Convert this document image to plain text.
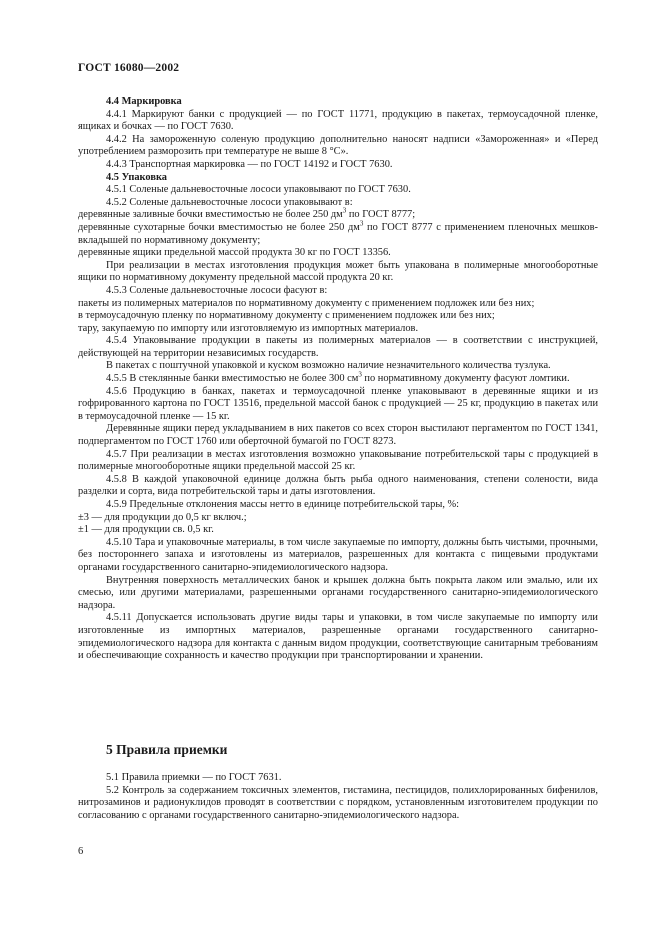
ГОСТ 16080—2002

4.4 Маркировка

4.4.1 Маркируют банки с продукцией — по ГОСТ 11771, продукцию в пакетах, термоусадочной пленке, ящиках и бочках — по ГОСТ 7630.

4.4.2 На замороженную соленую продукцию дополнительно наносят надписи «Замороженная» и «Перед употреблением разморозить при температуре не выше 8 °С».

4.4.3 Транспортная маркировка — по ГОСТ 14192 и ГОСТ 7630.

4.5 Упаковка

4.5.1 Соленые дальневосточные лососи упаковывают по ГОСТ 7630.

4.5.2 Соленые дальневосточные лососи упаковывают в:

деревянные заливные бочки вместимостью не более 250 $дм^3$ по ГОСТ 8777;

деревянные сухотарные бочки вместимостью не более 250 $дм^3$ по ГОСТ 8777 с применением пленочных мешков-вкладышей по нормативному документу;

деревянные ящики предельной массой продукта 30 кг по ГОСТ 13356.

При реализации в местах изготовления продукция может быть упакована в полимерные многооборотные ящики по нормативному документу предельной массой продукта 20 кг.

4.5.3 Соленые дальневосточные лососи фасуют в:

пакеты из полимерных материалов по нормативному документу с применением подложек или без них;

в термоусадочную пленку по нормативному документу с применением подложек или без них;

тару, закупаемую по импорту или изготовляемую из импортных материалов.

4.5.4 Упаковывание продукции в пакеты из полимерных материалов — в соответствии с инструкцией, действующей на территории независимых государств.

В пакетах с поштучной упаковкой и куском возможно наличие незначительного количества тузлука.

4.5.5 В стеклянные банки вместимостью не более 300 $см^3$ по нормативному документу фасуют ломтики.

4.5.6 Продукцию в банках, пакетах и термоусадочной пленке упаковывают в деревянные ящики и из гофрированного картона по ГОСТ 13516, предельной массой банок с продукцией — 25 кг, продукцию в пакетах или в термоусадочной пленке — 15 кг.

Деревянные ящики перед укладыванием в них пакетов со всех сторон выстилают пергаментом по ГОСТ 1341, подпергаментом по ГОСТ 1760 или оберточной бумагой по ГОСТ 8273.

4.5.7 При реализации в местах изготовления возможно упаковывание потребительской тары с продукцией в полимерные многооборотные ящики предельной массой 25 кг.

4.5.8 В каждой упаковочной единице должна быть рыба одного наименования, степени солености, вида разделки и сорта, вида потребительской тары и даты изготовления.

4.5.9 Предельные отклонения массы нетто в единице потребительской тары, %:

±3 — для продукции до 0,5 кг включ.;

±1 — для продукции св. 0,5 кг.

4.5.10 Тара и упаковочные материалы, в том числе закупаемые по импорту, должны быть чистыми, прочными, без постороннего запаха и изготовлены из материалов, разрешенных для контакта с пищевыми продуктами органами государственного санитарно-эпидемиологического надзора.

Внутренняя поверхность металлических банок и крышек должна быть покрыта лаком или эмалью, или их смесью, или другими материалами, разрешенными органами государственного санитарно-эпидемиологического надзора.

4.5.11 Допускается использовать другие виды тары и упаковки, в том числе закупаемые по импорту или изготовленные из импортных материалов, разрешенные органами государственного санитарно-эпидемиологического надзора для контакта с данным видом продукции, соответствующие санитарным требованиям и обеспечивающие сохранность и качество продукции при транспортировании и хранении.

5 Правила приемки

5.1 Правила приемки — по ГОСТ 7631.

5.2 Контроль за содержанием токсичных элементов, гистамина, пестицидов, полихлорированных бифенилов, нитрозаминов и радионуклидов проводят в соответствии с порядком, установленным изготовителем продукции по согласованию с органами государственного санитарно-эпидемиологического надзора.

6
